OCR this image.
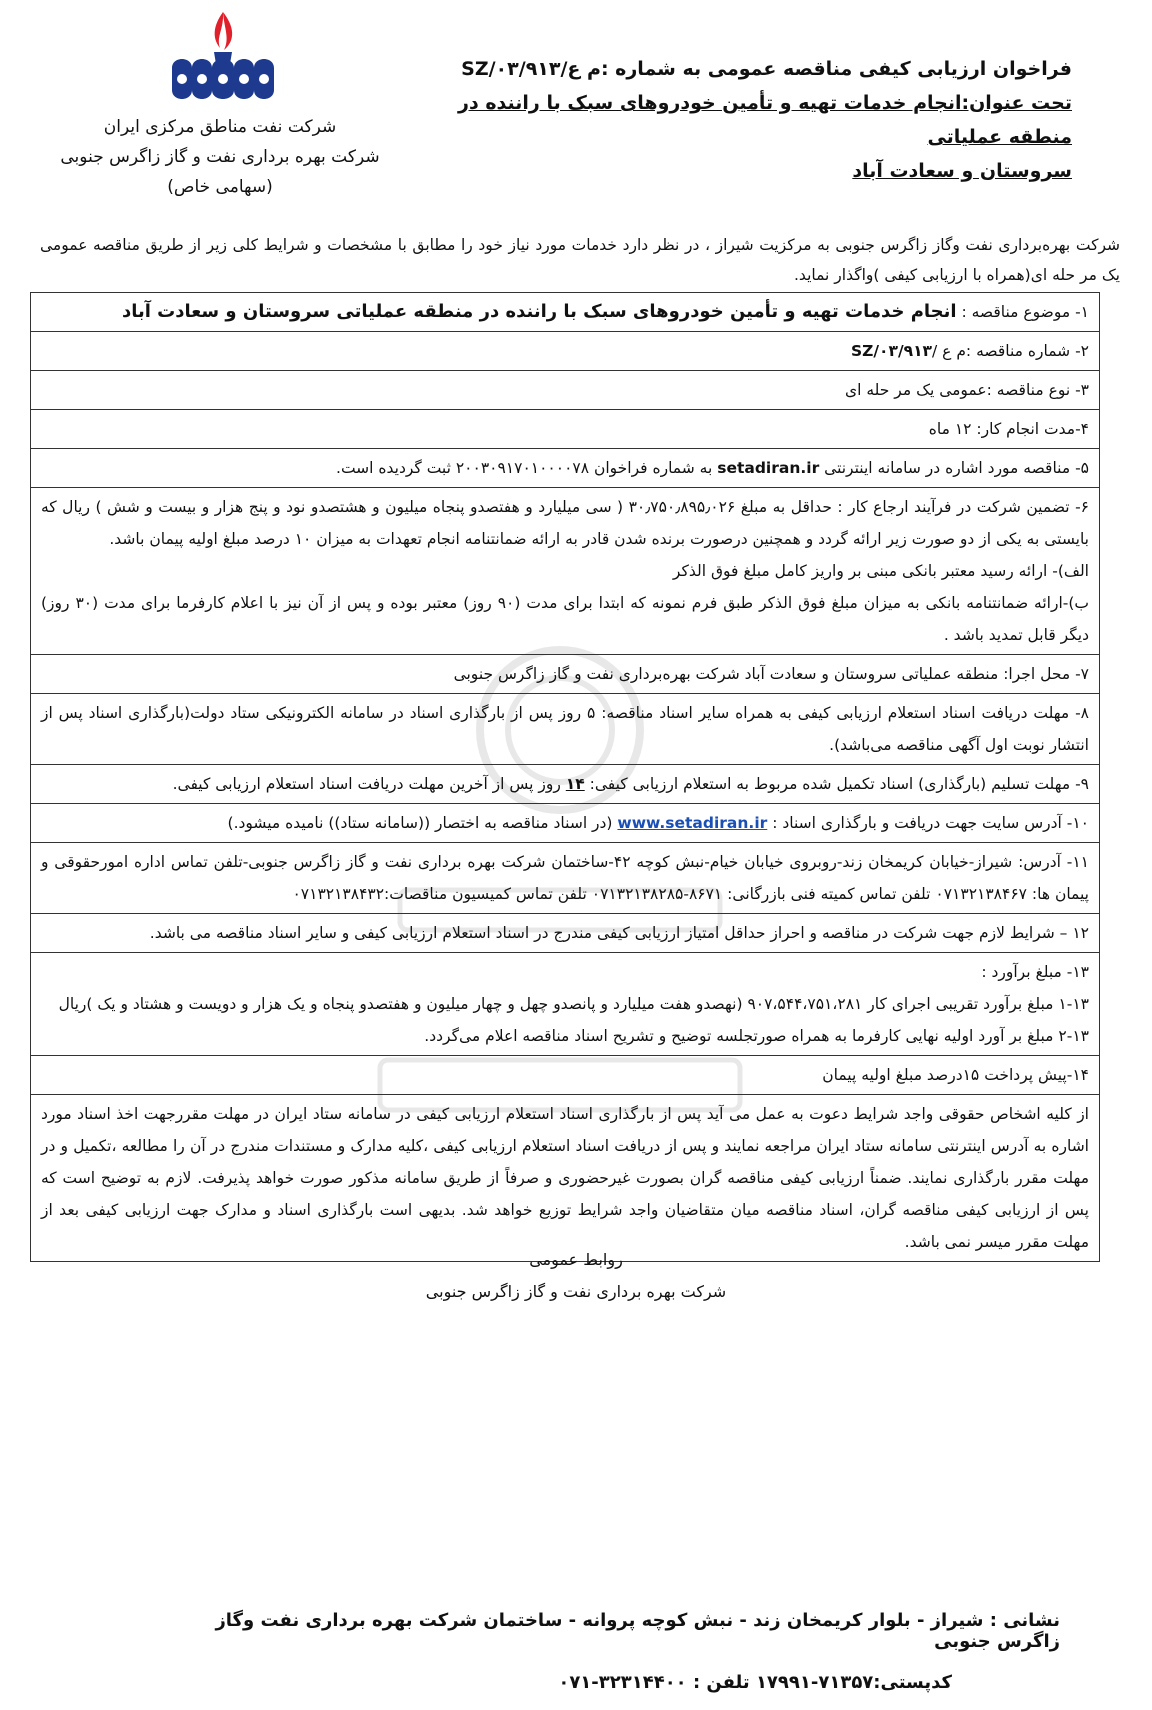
شرکت نفت مناطق مرکزی ایران
شرکت بهره برداری نفت و گاز زاگرس جنوبی
(سهامی خاص)
فراخوان ارزیابی کیفی مناقصه عمومی به شماره :م ع/SZ/۰۳/۹۱۳
تحت عنوان:انجام خدمات تهیه و تأمین خودروهای سبک با راننده در منطقه عملیاتی
سروستان و سعادت آباد
شرکت بهره‌برداری نفت وگاز زاگرس جنوبی به مرکزیت شیراز ، در نظر دارد خدمات مورد نیاز خود را مطابق با مشخصات و شرایط کلی زیر از طریق مناقصه عمومی یک مر حله ای(همراه با ارزیابی کیفی )واگذار نماید.
۱- موضوع مناقصه : انجام خدمات تهیه و تأمین خودروهای سبک با راننده در منطقه عملیاتی سروستان و سعادت آباد
۲- شماره مناقصه :م ع /SZ/۰۳/۹۱۳
۳- نوع مناقصه :عمومی یک مر حله ای
۴-مدت انجام کار: ۱۲ ماه
۵- مناقصه مورد اشاره در سامانه اینترنتی setadiran.ir به شماره فراخوان ۲۰۰۳۰۹۱۷۰۱۰۰۰۰۷۸ ثبت گردیده است.
۶- تضمین شرکت در فرآیند ارجاع کار : حداقل به مبلغ ۳۰٫۷۵۰٫۸۹۵٫۰۲۶ ( سی میلیارد و هفتصدو پنجاه میلیون و هشتصدو نود و پنج هزار و بیست و شش ) ریال که بایستی به یکی از دو صورت زیر ارائه گردد و همچنین درصورت برنده شدن قادر به ارائه ضمانتنامه انجام تعهدات به میزان ۱۰ درصد مبلغ اولیه پیمان باشد.
الف)- ارائه رسید معتبر بانکی مبنی بر واریز کامل مبلغ فوق الذکر
ب)-ارائه ضمانتنامه بانکی به میزان مبلغ فوق الذکر طبق فرم نمونه که ابتدا برای مدت (۹۰ روز) معتبر بوده و پس از آن نیز با اعلام کارفرما برای مدت (۳۰ روز) دیگر قابل تمدید باشد .
۷- محل اجرا: منطقه عملیاتی سروستان و سعادت آباد شرکت بهره‌برداری نفت و گاز زاگرس جنوبی
۸- مهلت دریافت اسناد استعلام ارزیابی کیفی به همراه سایر اسناد مناقصه: ۵ روز پس از بارگذاری اسناد در سامانه الکترونیکی ستاد دولت(بارگذاری اسناد پس از انتشار نوبت اول آگهی مناقصه می‌باشد).
۹- مهلت تسلیم (بارگذاری) اسناد تکمیل شده مربوط به استعلام ارزیابی کیفی: ۱۴ روز پس از آخرین مهلت دریافت اسناد استعلام ارزیابی کیفی.
۱۰- آدرس سایت جهت دریافت و بارگذاری اسناد : www.setadiran.ir (در اسناد مناقصه به اختصار ((سامانه ستاد)) نامیده میشود.)
۱۱- آدرس: شیراز-خیابان کریمخان زند-روبروی خیابان خیام-نبش کوچه ۴۲-ساختمان شرکت بهره برداری نفت و گاز زاگرس جنوبی-تلفن تماس اداره امورحقوقی و پیمان ها: ۰۷۱۳۲۱۳۸۴۶۷ تلفن تماس کمیته فنی بازرگانی: ۸۶۷۱-۰۷۱۳۲۱۳۸۲۸۵ تلفن تماس کمیسیون مناقصات:۰۷۱۳۲۱۳۸۴۳۲
۱۲ – شرایط لازم جهت شرکت در مناقصه و احراز حداقل امتیاز ارزیابی کیفی مندرج در اسناد استعلام ارزیابی کیفی و سایر اسناد مناقصه می باشد.
۱۳- مبلغ برآورد :
۱-۱۳ مبلغ برآورد تقریبی اجرای کار ۹۰۷،۵۴۴،۷۵۱،۲۸۱ (نهصدو هفت میلیارد و پانصدو چهل و چهار میلیون و هفتصدو پنجاه و یک هزار و دویست و هشتاد و یک )ریال
۲-۱۳ مبلغ بر آورد اولیه نهایی کارفرما به همراه صورتجلسه توضیح و تشریح اسناد مناقصه اعلام می‌گردد.
۱۴-پیش پرداخت ۱۵درصد مبلغ اولیه پیمان
از کلیه اشخاص حقوقی واجد شرایط دعوت به عمل می آید پس از بارگذاری اسناد استعلام ارزیابی کیفی در سامانه ستاد ایران در مهلت مقررجهت اخذ اسناد مورد اشاره به آدرس اینترنتی سامانه ستاد ایران مراجعه نمایند و پس از دریافت اسناد استعلام ارزیابی کیفی ،کلیه مدارک و مستندات مندرج در آن را مطالعه ،تکمیل و در مهلت مقرر بارگذاری نمایند. ضمناً ارزیابی کیفی مناقصه گران بصورت غیرحضوری و صرفاً از طریق سامانه مذکور صورت خواهد پذیرفت. لازم به توضیح است که پس از ارزیابی کیفی مناقصه گران، اسناد مناقصه میان متقاضیان واجد شرایط توزیع خواهد شد. بدیهی است بارگذاری اسناد و مدارک جهت ارزیابی کیفی بعد از مهلت مقرر میسر نمی باشد.
روابط عمومی
شرکت بهره برداری نفت و گاز زاگرس جنوبی
نشانی : شیراز - بلوار کریمخان زند - نبش کوچه پروانه - ساختمان شرکت بهره برداری نفت وگاز زاگرس جنوبی
کدپستی:۷۱۳۵۷-۱۷۹۹۱ تلفن : ۳۲۳۱۴۴۰۰-۰۷۱
